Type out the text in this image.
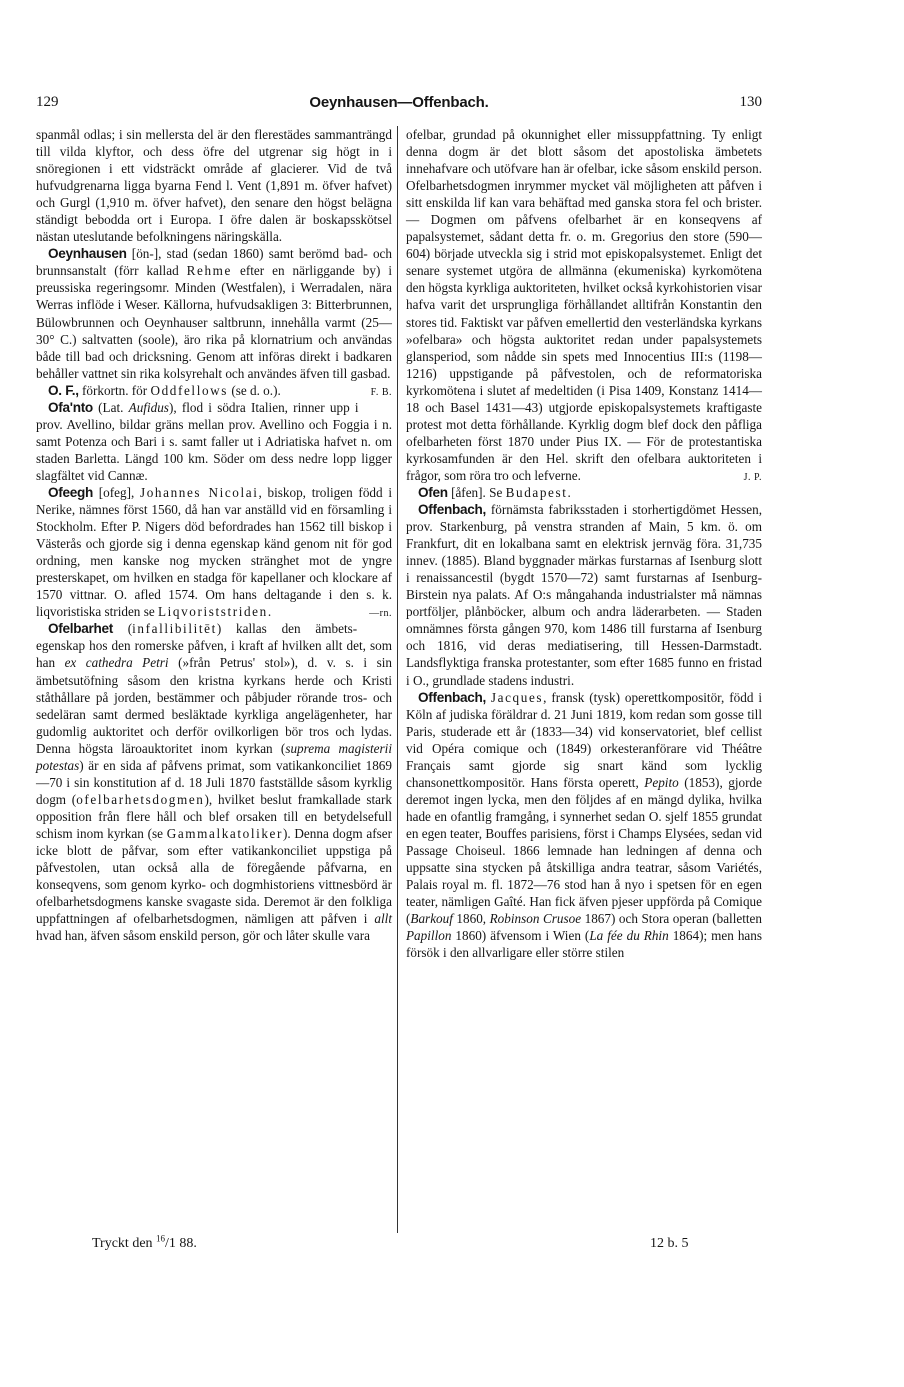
129	Oeynhausen—Offenbach.	130

spanmål odlas; i sin mellersta del är den flerestädes sammanträngd till vilda klyftor, och dess öfre del utgrenar sig högt in i snöregionen i ett vidsträckt område af glacierer. Vid de två hufvudgrenarna ligga byarna Fend l. Vent (1,891 m. öfver hafvet) och Gurgl (1,910 m. öfver hafvet), den senare den högst belägna ständigt bebodda ort i Europa. I öfre dalen är boskapsskötsel nästan uteslutande befolkningens näringskälla.

Oeynhausen [ön-], stad (sedan 1860) samt berömd bad- och brunnsanstalt (förr kallad Rehme efter en närliggande by) i preussiska regeringsomr. Minden (Westfalen), i Werradalen, nära Werras inflöde i Weser. Källorna, hufvudsakligen 3: Bitterbrunnen, Bülowbrunnen och Oeynhauser saltbrunn, innehålla varmt (25—30° C.) saltvatten (soole), äro rika på klornatrium och användas både till bad och dricksning. Genom att införas direkt i badkaren behåller vattnet sin rika kolsyrehalt och användes äfven till gasbad.
F. B.

O. F., förkortn. för Oddfellows (se d. o.).

Ofa'nto (Lat. Aufidus), flod i södra Italien, rinner upp i prov. Avellino, bildar gräns mellan prov. Avellino och Foggia i n. samt Potenza och Bari i s. samt faller ut i Adriatiska hafvet n. om staden Barletta. Längd 100 km. Söder om dess nedre lopp ligger slagfältet vid Cannæ.

Ofeegh [ofeg], Johannes Nicolai, biskop, troligen född i Nerike, nämnes först 1560, då han var anställd vid en församling i Stockholm. Efter P. Nigers död befordrades han 1562 till biskop i Västerås och gjorde sig i denna egenskap känd genom nit för god ordning, men kanske nog mycken stränghet mot de yngre presterskapet, om hvilken en stadga för kapellaner och klockare af 1570 vittnar. O. afled 1574. Om hans deltagande i den s. k. liqvoristiska striden se Liqvoriststriden.	—rn.

Ofelbarhet (infallibilitēt) kallas den ämbets-egenskap hos den romerske påfven, i kraft af hvilken allt det, som han ex cathedra Petri (»från Petrus' stol»), d. v. s. i sin ämbetsutöfning såsom den kristna kyrkans herde och Kristi ståthållare på jorden, bestämmer och påbjuder rörande tros- och sedeläran samt dermed besläktade kyrkliga angelägenheter, har gudomlig auktoritet och derför ovilkorligen bör tros och lydas. Denna högsta läroauktoritet inom kyrkan (suprema magisterii potestas) är en sida af påfvens primat, som vatikankonciliet 1869—70 i sin konstitution af d. 18 Juli 1870 fastställde såsom kyrklig dogm (ofelbarhetsdogmen), hvilket beslut framkallade stark opposition från flere håll och blef orsaken till en betydelsefull schism inom kyrkan (se Gammalkatoliker). Denna dogm afser icke blott de påfvar, som efter vatikankonciliet uppstiga på påfvestolen, utan också alla de föregående påfvarna, en konseqvens, som genom kyrko- och dogmhistoriens vittnesbörd är ofelbarhetsdogmens kanske svagaste sida. Deremot är den folkliga uppfattningen af ofelbarhetsdogmen, nämligen att påfven i allt hvad han, äfven såsom enskild person, gör och låter skulle vara

ofelbar, grundad på okunnighet eller missuppfattning. Ty enligt denna dogm är det blott såsom det apostoliska ämbetets innehafvare och utöfvare han är ofelbar, icke såsom enskild person. Ofelbarhetsdogmen inrymmer mycket väl möjligheten att påfven i sitt enskilda lif kan vara behäftad med ganska stora fel och brister. — Dogmen om påfvens ofelbarhet är en konseqvens af papalsystemet, sådant detta fr. o. m. Gregorius den store (590—604) började utveckla sig i strid mot episkopalsystemet. Enligt det senare systemet utgöra de allmänna (ekumeniska) kyrkomötena den högsta kyrkliga auktoriteten, hvilket också kyrkohistorien visar hafva varit det ursprungliga förhållandet alltifrån Konstantin den stores tid. Faktiskt var påfven emellertid den vesterländska kyrkans »ofelbara» och högsta auktoritet redan under papalsystemets glansperiod, som nådde sin spets med Innocentius III:s (1198—1216) uppstigande på påfvestolen, och de reformatoriska kyrkomötena i slutet af medeltiden (i Pisa 1409, Konstanz 1414—18 och Basel 1431—43) utgjorde episkopalsystemets kraftigaste protest mot detta förhållande. Kyrklig dogm blef dock den påfliga ofelbarheten först 1870 under Pius IX. — För de protestantiska kyrkosamfunden är den Hel. skrift den ofelbara auktoriteten i frågor, som röra tro och lefverne.	J. P.

Ofen [åfen]. Se Budapest.

Offenbach, förnämsta fabriksstaden i storhertigdömet Hessen, prov. Starkenburg, på venstra stranden af Main, 5 km. ö. om Frankfurt, dit en lokalbana samt en elektrisk jernväg föra. 31,735 innev. (1885). Bland byggnader märkas furstarnas af Isenburg slott i renaissancestil (bygdt 1570—72) samt furstarnas af Isenburg-Birstein nya palats. Af O:s mångahanda industrialster må nämnas portföljer, plånböcker, album och andra läderarbeten. — Staden omnämnes första gången 970, kom 1486 till furstarna af Isenburg och 1816, vid deras mediatisering, till Hessen-Darmstadt. Landsflyktiga franska protestanter, som efter 1685 funno en fristad i O., grundlade stadens industri.

Offenbach, Jacques, fransk (tysk) operettkompositör, född i Köln af judiska föräldrar d. 21 Juni 1819, kom redan som gosse till Paris, studerade ett år (1833—34) vid konservatoriet, blef cellist vid Opéra comique och (1849) orkesteranförare vid Théâtre Français samt gjorde sig snart känd som lycklig chansonettkompositör. Hans första operett, Pepito (1853), gjorde deremot ingen lycka, men den följdes af en mängd dylika, hvilka hade en ofantlig framgång, i synnerhet sedan O. sjelf 1855 grundat en egen teater, Bouffes parisiens, först i Champs Elysées, sedan vid Passage Choiseul. 1866 lemnade han ledningen af denna och uppsatte sina stycken på åtskilliga andra teatrar, såsom Variétés, Palais royal m. fl. 1872—76 stod han å nyo i spetsen för en egen teater, nämligen Gaîté. Han fick äfven pjeser uppförda på Comique (Barkouf 1860, Robinson Crusoe 1867) och Stora operan (balletten Papillon 1860) äfvensom i Wien (La fée du Rhin 1864); men hans försök i den allvarligare eller större stilen

Tryckt den $^{16}$/1 88.	12 b. 5
